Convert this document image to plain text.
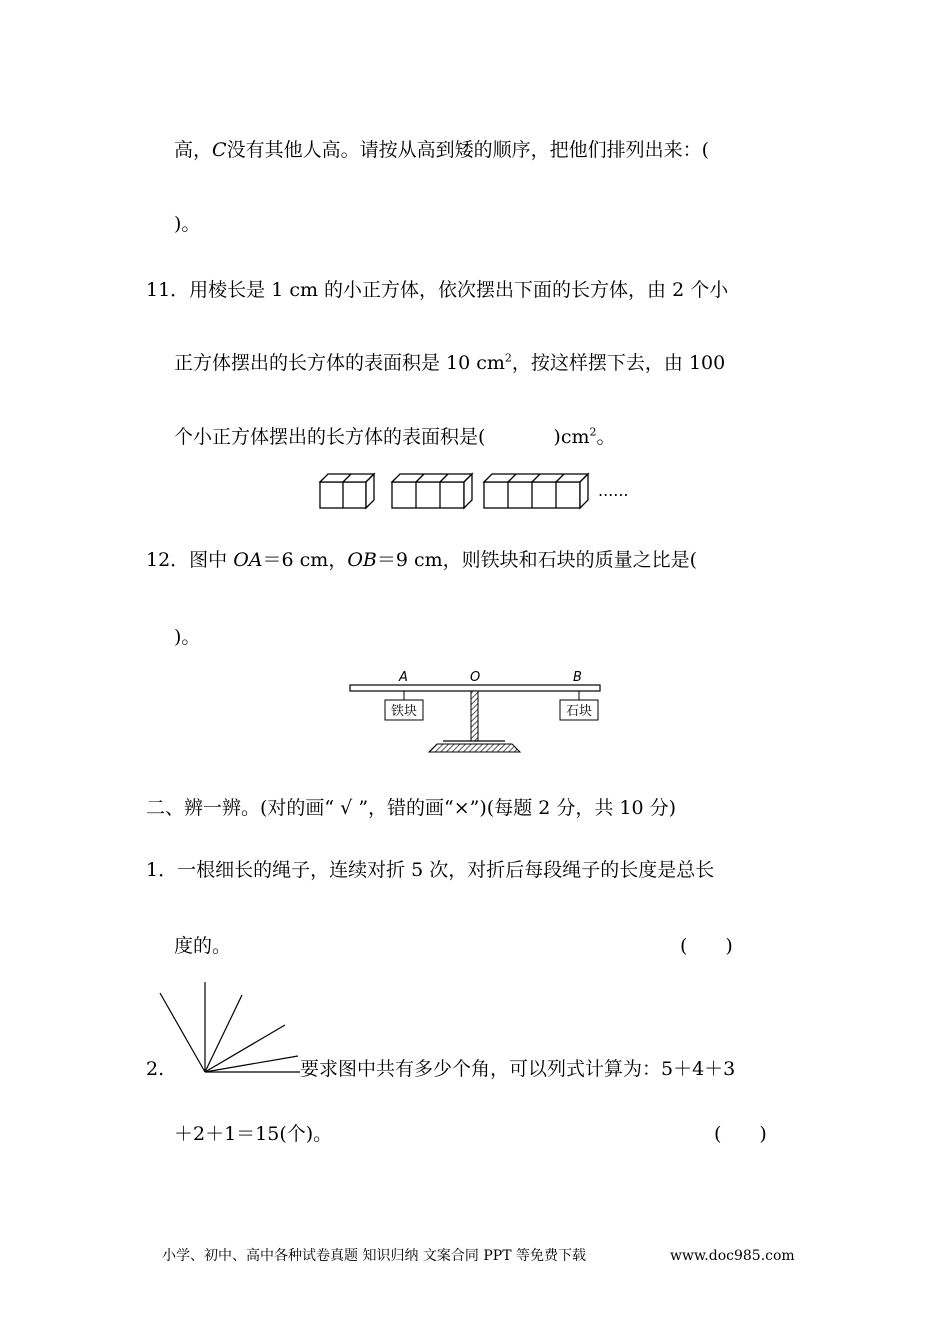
高，C没有其他人高。请按从高到矮的顺序，把他们排列出来：(
)。
11．用棱长是 1 cm 的小正方体，依次摆出下面的长方体，由 2 个小
正方体摆出的长方体的表面积是 10 $cm^2$，按这样摆下去，由 100
个小正方体摆出的长方体的表面积是(	)$cm^2$。
......
12．图中 OA＝6 cm，OB＝9 cm，则铁块和石块的质量之比是(
)。
A	O	B
铁块	石块
二、辨一辨。(对的画“ √ ”，错的画“×”)(每题 2 分，共 10 分)
1．一根细长的绳子，连续对折 5 次，对折后每段绳子的长度是总长
度的。	(　　)
2.	要求图中共有多少个角，可以列式计算为：5＋4＋3
＋2＋1＝15(个)。	(　　)
小学、初中、高中各种试卷真题 知识归纳 文案合同 PPT 等免费下载	www.doc985.com
